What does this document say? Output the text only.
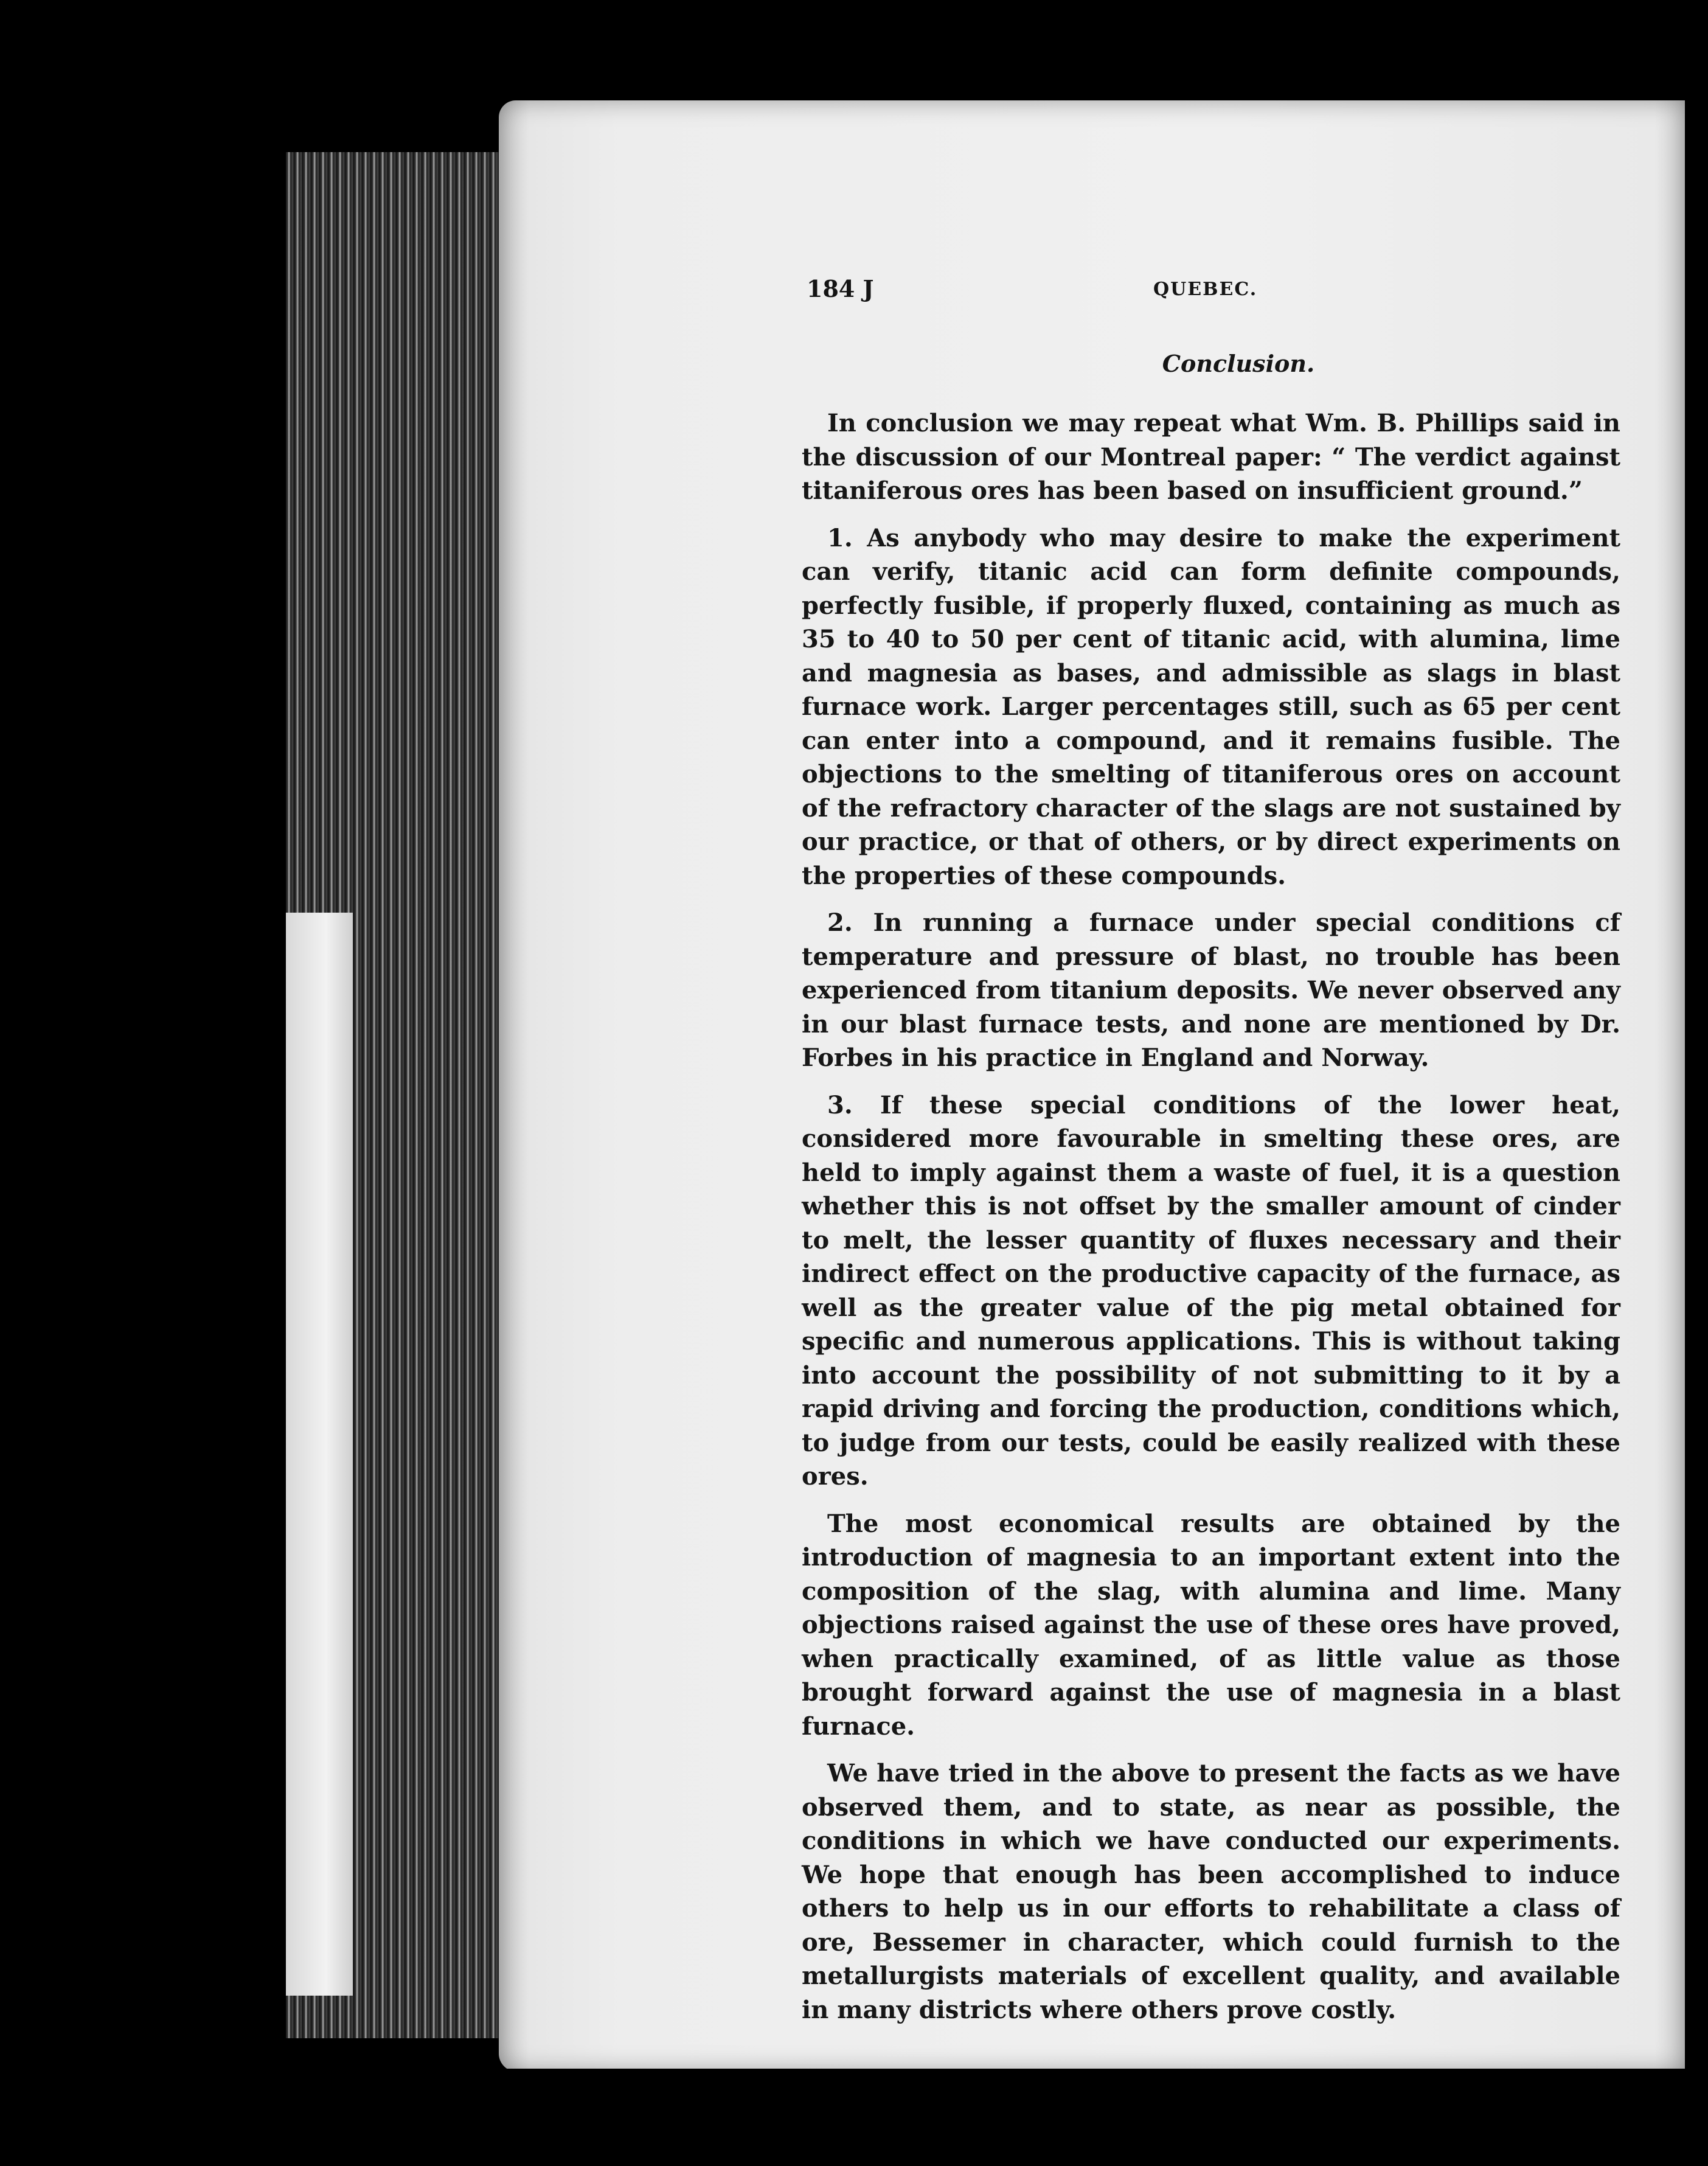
184 J	QUEBEC.
Conclusion.

In conclusion we may repeat what Wm. B. Phillips said in the discussion of our Montreal paper: “ The verdict against titaniferous ores has been based on insufficient ground.”

1. As anybody who may desire to make the experiment can verify, titanic acid can form definite compounds, perfectly fusible, if properly fluxed, containing as much as 35 to 40 to 50 per cent of titanic acid, with alumina, lime and magnesia as bases, and admissible as slags in blast furnace work. Larger percentages still, such as 65 per cent can enter into a compound, and it remains fusible. The objections to the smelting of titaniferous ores on account of the refractory character of the slags are not sustained by our practice, or that of others, or by direct experiments on the properties of these compounds.

2. In running a furnace under special conditions cf temperature and pressure of blast, no trouble has been experienced from titanium deposits. We never observed any in our blast furnace tests, and none are mentioned by Dr. Forbes in his practice in England and Norway.

3. If these special conditions of the lower heat, considered more favourable in smelting these ores, are held to imply against them a waste of fuel, it is a question whether this is not offset by the smaller amount of cinder to melt, the lesser quantity of fluxes necessary and their indirect effect on the productive capacity of the furnace, as well as the greater value of the pig metal obtained for specific and numerous applications. This is without taking into account the possibility of not submitting to it by a rapid driving and forcing the production, conditions which, to judge from our tests, could be easily realized with these ores.

The most economical results are obtained by the introduction of magnesia to an important extent into the composition of the slag, with alumina and lime. Many objections raised against the use of these ores have proved, when practically examined, of as little value as those brought forward against the use of magnesia in a blast furnace.

We have tried in the above to present the facts as we have observed them, and to state, as near as possible, the conditions in which we have conducted our experiments. We hope that enough has been accomplished to induce others to help us in our efforts to rehabilitate a class of ore, Bessemer in character, which could furnish to the metallurgists materials of excellent quality, and available in many districts where others prove costly.
